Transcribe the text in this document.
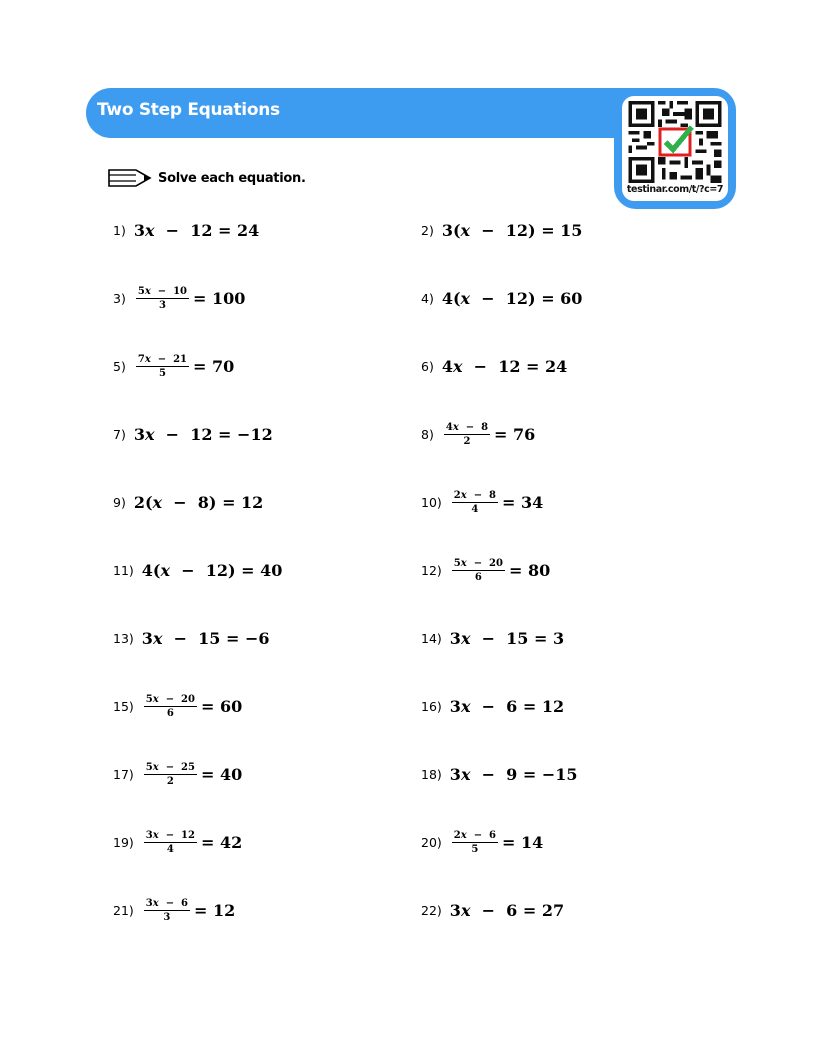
Two Step Equations
testinar.com/t/?c=7
Solve each equation.
1) 3 x −  12 = 24	2) 3( x −  12) = 15
$3) \frac{5x - 10}{3} = 100$	4) 4( x −  12) = 60
$5) \frac{7x - 21}{5} = 70$	6) 4 x −  12 = 24
7) 3 x −  12 = −12	$8) \frac{4x - 8}{2} = 76$
9) 2( x −  8) = 12	$10) \frac{2x - 8}{4} = 34$
11) 4( x −  12) = 40	$12) \frac{5x - 20}{6} = 80$
13) 3 x −  15 = −6	14) 3 x −  15 = 3
$15) \frac{5x - 20}{6} = 60$	16) 3 x −  6 = 12
$17) \frac{5x - 25}{2} = 40$	18) 3 x −  9 = −15
$19) \frac{3x - 12}{4} = 42$	$20) \frac{2x - 6}{5} = 14$
$21) \frac{3x - 6}{3} = 12$	22) 3 x −  6 = 27
